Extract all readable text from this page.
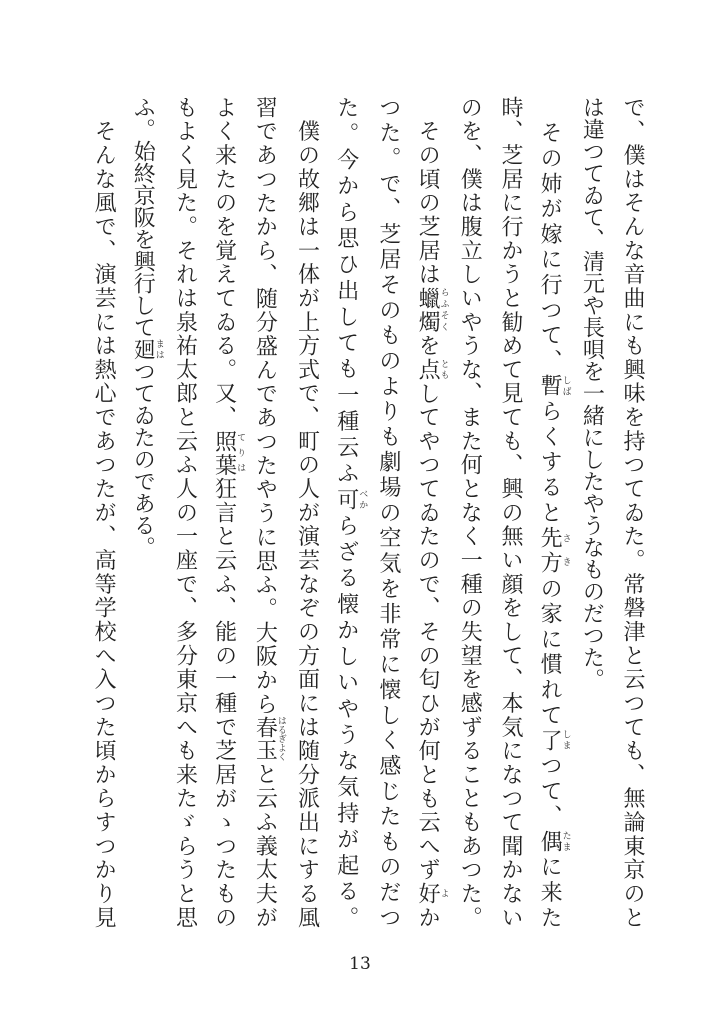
で、僕はそんな音曲にも興味を持つてゐた。常磐津と云つても、無論東京のと
は違つてゐて、清元や長唄を一緒にしたやうなものだつた。
　その姉が嫁に行つて、暫しばらくすると先方さきの家に慣れて了しまつて、偶たまに来た
時、芝居に行かうと勧めて見ても、興の無い顔をして、本気になつて聞かない
のを、僕は腹立しいやうな、また何となく一種の失望を感ずることもあつた。
　その頃の芝居は蠟燭らふそくを点ともしてやつてゐたので、その匂ひが何とも云へず好よか
つた。で、芝居そのものよりも劇場の空気を非常に懐しく感じたものだつ
た。今から思ひ出しても一種云ふ可べからざる懐かしいやうな気持が起る。
　僕の故郷は一体が上方式で、町の人が演芸なぞの方面には随分派出にする風
習であつたから、随分盛んであつたやうに思ふ。大阪から春玉はるぎよくと云ふ義太夫が
よく来たのを覚えてゐる。又、照葉てりは狂言と云ふ、能の一種で芝居がゝつたもの
もよく見た。それは泉祐太郎と云ふ人の一座で、多分東京へも来たゞらうと思
ふ。始終京阪を興行して廻まはつてゐたのである。
　そんな風で、演芸には熱心であつたが、高等学校へ入つた頃からすつかり見
13
